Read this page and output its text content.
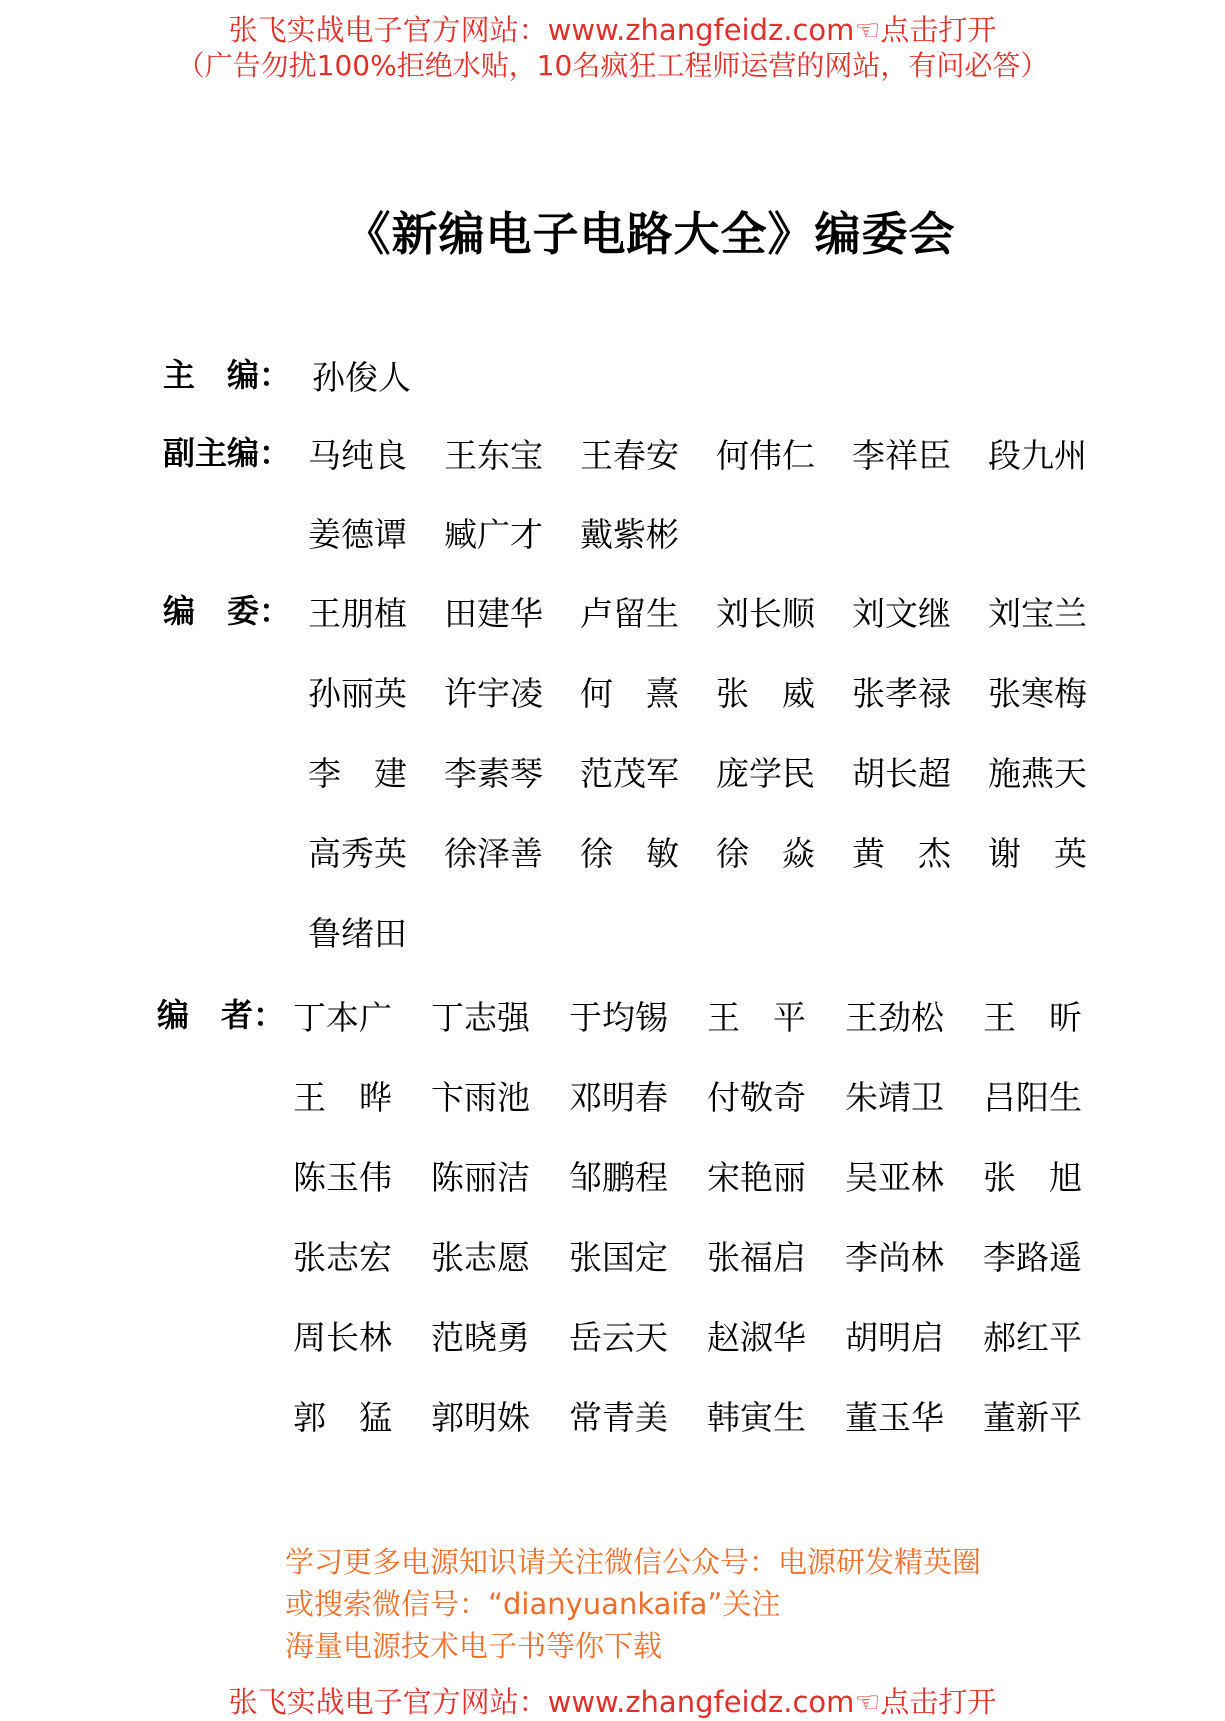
张飞实战电子官方网站：www.zhangfeidz.com☜点击打开
（广告勿扰100%拒绝水贴，10名疯狂工程师运营的网站，有问必答）
《新编电子电路大全》编委会
主　编： 孙俊人
副主编： 马纯良 王东宝 王春安 何伟仁 李祥臣 段九州
姜德谭 臧广才 戴紫彬
编　委： 王朋植 田建华 卢留生 刘长顺 刘文继 刘宝兰
孙丽英 许宇凌 何　熹 张　威 张孝禄 张寒梅
李　建 李素琴 范茂军 庞学民 胡长超 施燕天
高秀英 徐泽善 徐　敏 徐　焱 黄　杰 谢　英
鲁绪田
编　者： 丁本广 丁志强 于均锡 王　平 王劲松 王　昕
王　晔 卞雨池 邓明春 付敬奇 朱靖卫 吕阳生
陈玉伟 陈丽洁 邹鹏程 宋艳丽 吴亚林 张　旭
张志宏 张志愿 张国定 张福启 李尚林 李路遥
周长林 范晓勇 岳云天 赵淑华 胡明启 郝红平
郭　猛 郭明姝 常青美 韩寅生 董玉华 董新平
学习更多电源知识请关注微信公众号：电源研发精英圈
或搜索微信号：“dianyuankaifa”关注
海量电源技术电子书等你下载
张飞实战电子官方网站：www.zhangfeidz.com☜点击打开
